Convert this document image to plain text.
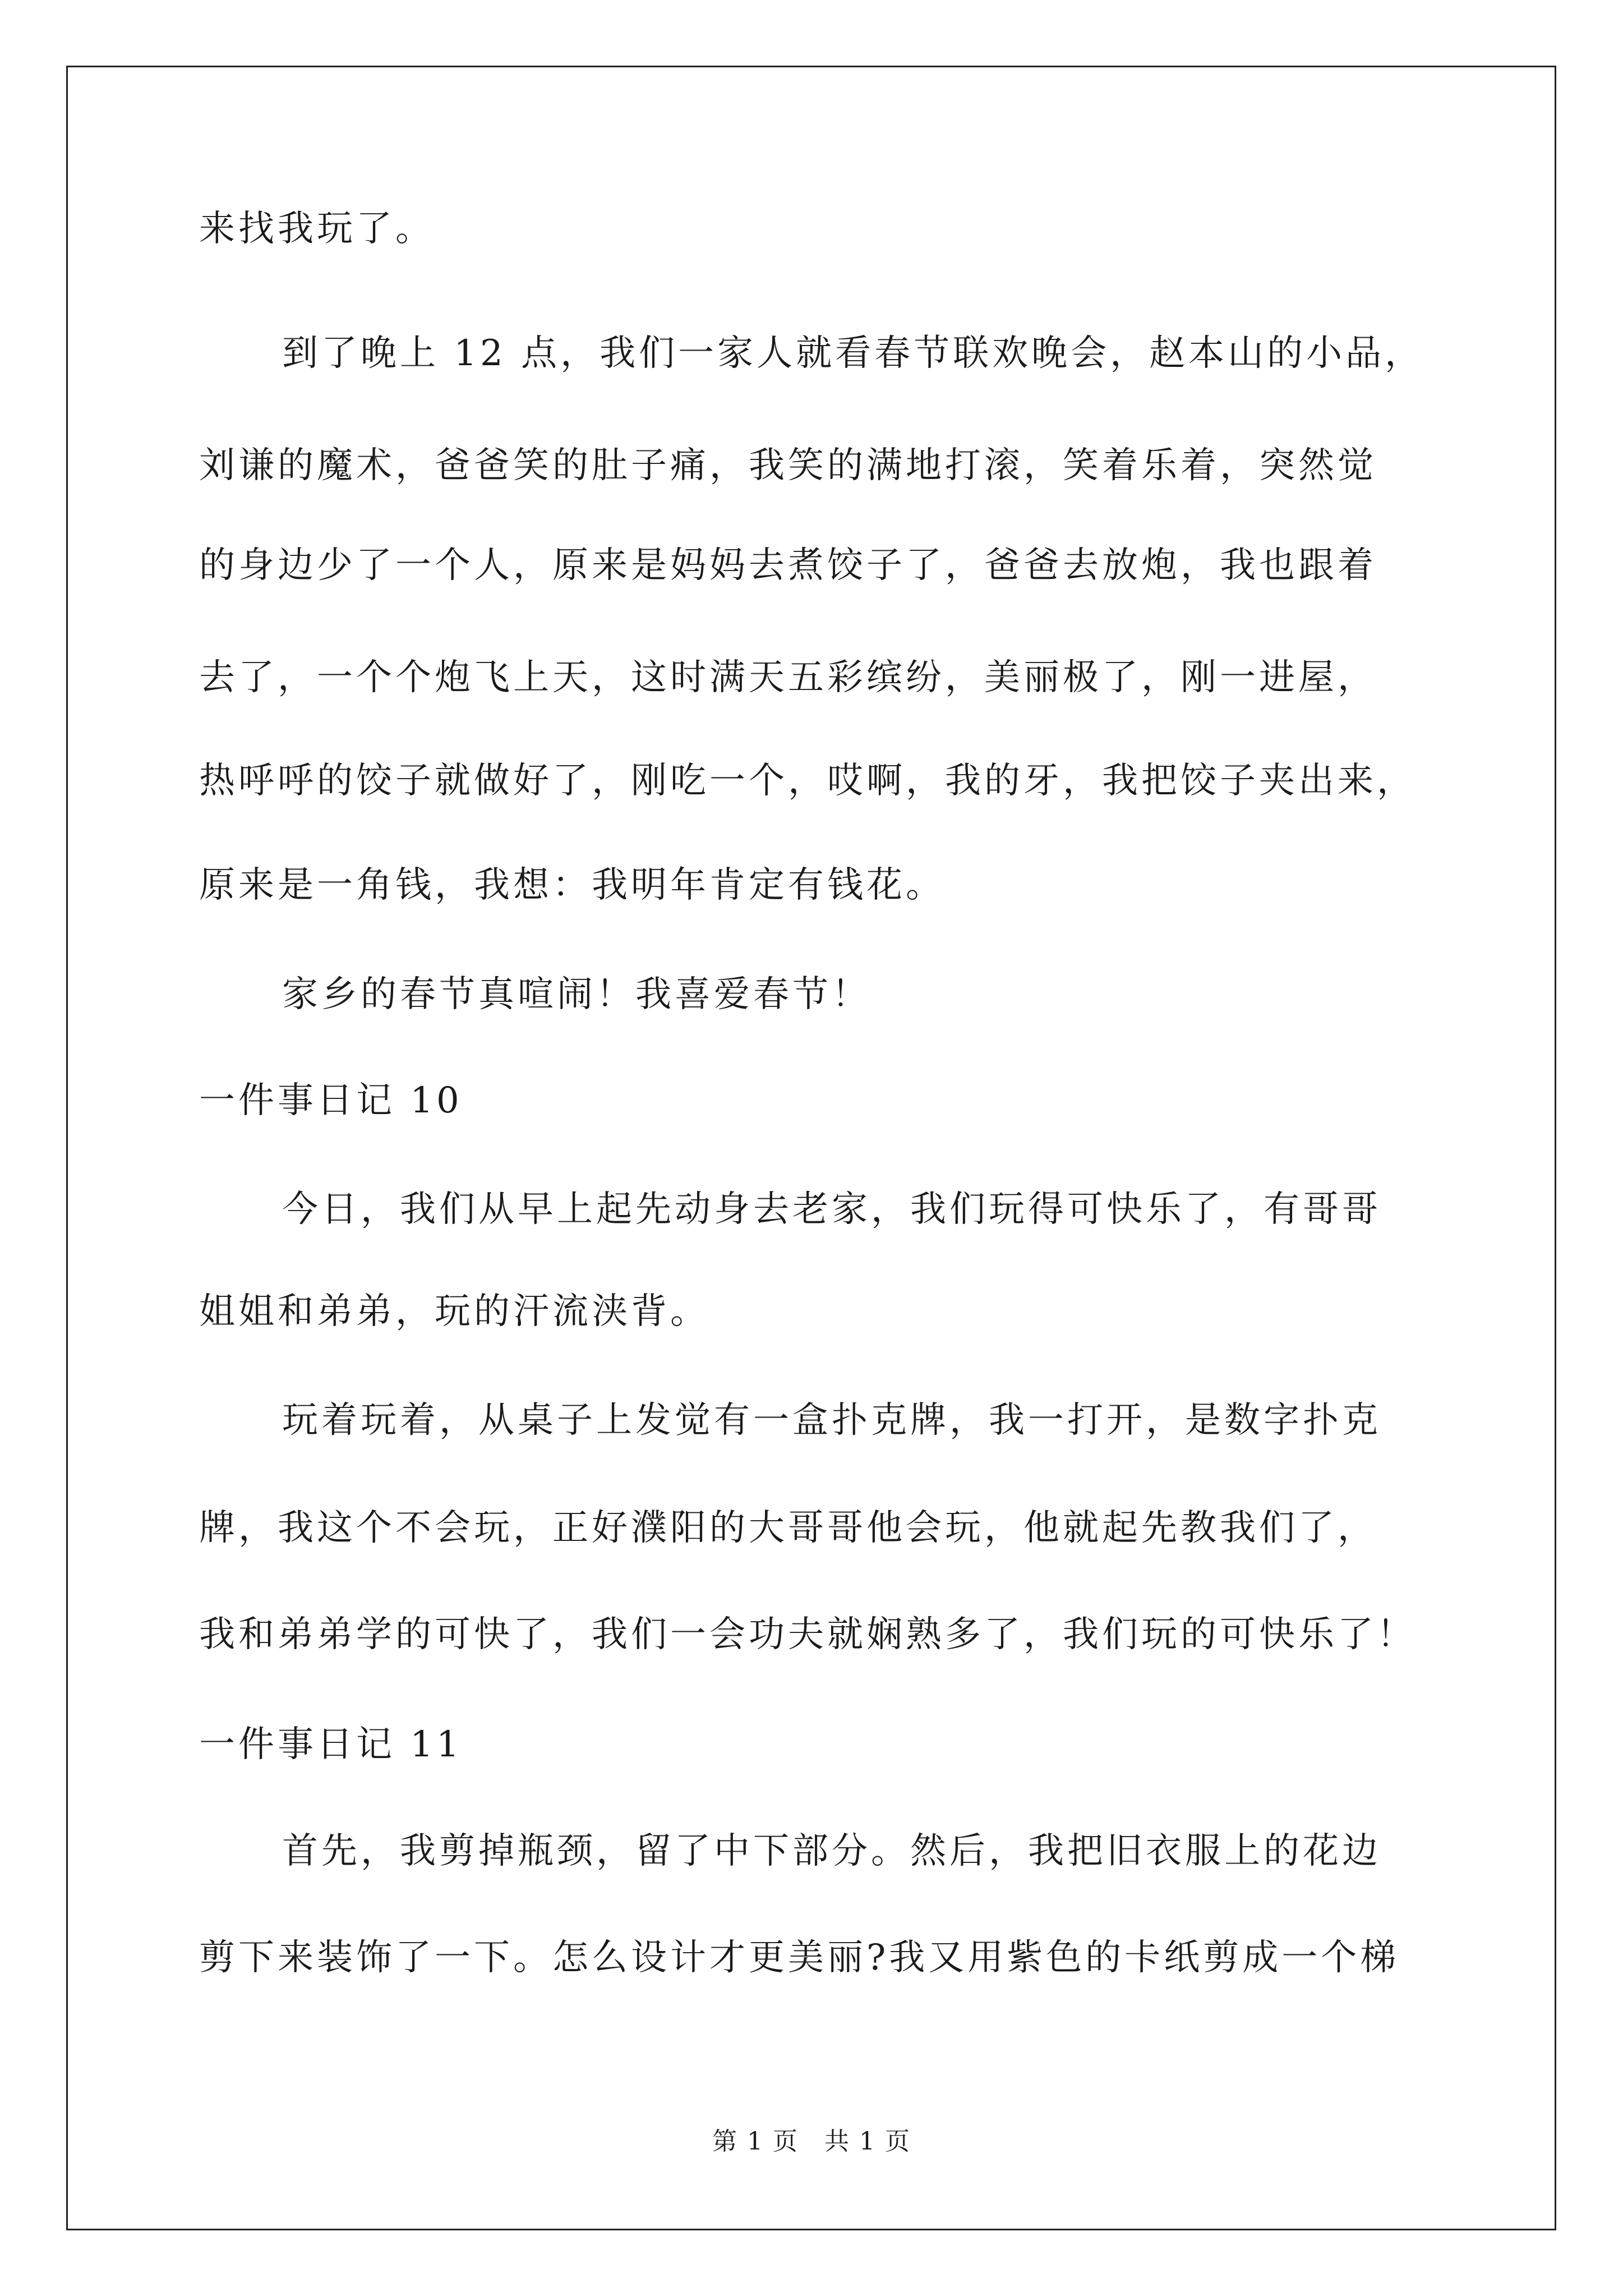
来找我玩了。
到了晚上 12 点，我们一家人就看春节联欢晚会，赵本山的小品，
刘谦的魔术，爸爸笑的肚子痛，我笑的满地打滚，笑着乐着，突然觉
的身边少了一个人，原来是妈妈去煮饺子了，爸爸去放炮，我也跟着
去了，一个个炮飞上天，这时满天五彩缤纷，美丽极了，刚一进屋，
热呼呼的饺子就做好了，刚吃一个，哎啊，我的牙，我把饺子夹出来，
原来是一角钱，我想：我明年肯定有钱花。
家乡的春节真喧闹！我喜爱春节！
一件事日记 10
今日，我们从早上起先动身去老家，我们玩得可快乐了，有哥哥
姐姐和弟弟，玩的汗流浃背。
玩着玩着，从桌子上发觉有一盒扑克牌，我一打开，是数字扑克
牌，我这个不会玩，正好濮阳的大哥哥他会玩，他就起先教我们了，
我和弟弟学的可快了，我们一会功夫就娴熟多了，我们玩的可快乐了！
一件事日记 11
首先，我剪掉瓶颈，留了中下部分。然后，我把旧衣服上的花边
剪下来装饰了一下。怎么设计才更美丽?我又用紫色的卡纸剪成一个梯
第 1 页　共 1 页
